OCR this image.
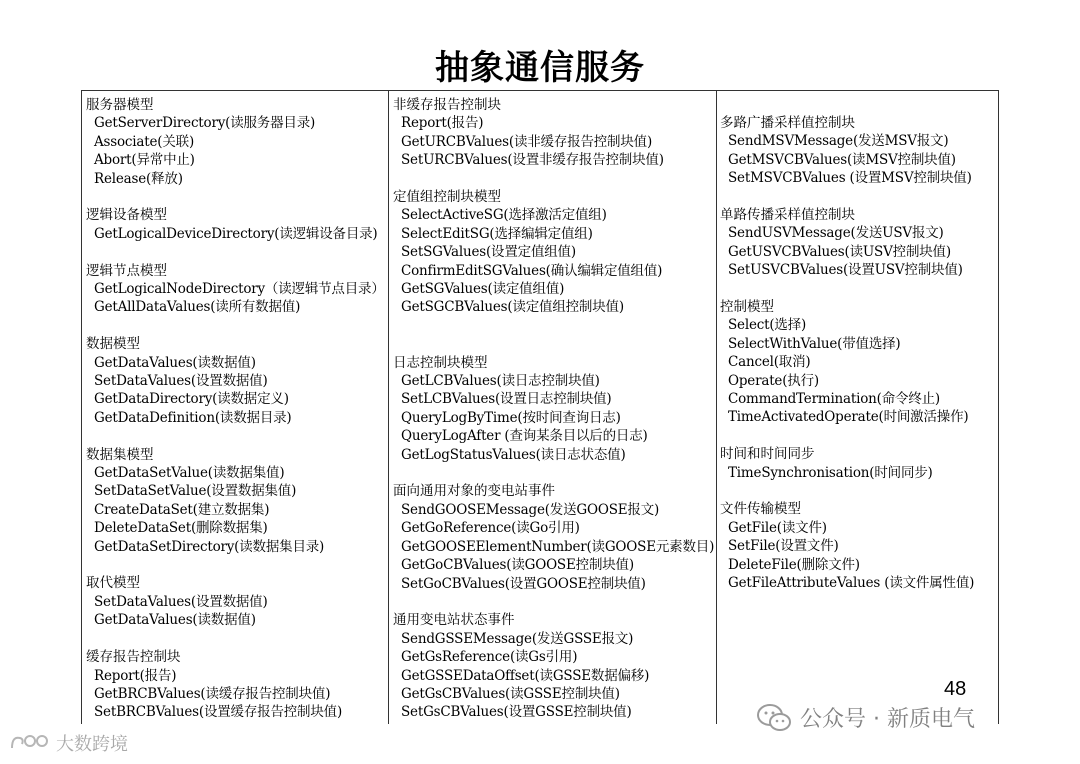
抽象通信服务
服务器模型
GetServerDirectory(读服务器目录)
Associate(关联)
Abort(异常中止)
Release(释放)
逻辑设备模型
GetLogicalDeviceDirectory(读逻辑设备目录)
逻辑节点模型
GetLogicalNodeDirectory（读逻辑节点目录）
GetAllDataValues(读所有数据值)
数据模型
GetDataValues(读数据值)
SetDataValues(设置数据值)
GetDataDirectory(读数据定义)
GetDataDefinition(读数据目录)
数据集模型
GetDataSetValue(读数据集值)
SetDataSetValue(设置数据集值)
CreateDataSet(建立数据集)
DeleteDataSet(删除数据集)
GetDataSetDirectory(读数据集目录)
取代模型
SetDataValues(设置数据值)
GetDataValues(读数据值)
缓存报告控制块
Report(报告)
GetBRCBValues(读缓存报告控制块值)
SetBRCBValues(设置缓存报告控制块值)
非缓存报告控制块
Report(报告)
GetURCBValues(读非缓存报告控制块值)
SetURCBValues(设置非缓存报告控制块值)
定值组控制块模型
SelectActiveSG(选择激活定值组)
SelectEditSG(选择编辑定值组)
SetSGValues(设置定值组值)
ConfirmEditSGValues(确认编辑定值组值)
GetSGValues(读定值组值)
GetSGCBValues(读定值组控制块值)
日志控制块模型
GetLCBValues(读日志控制块值)
SetLCBValues(设置日志控制块值)
QueryLogByTime(按时间查询日志)
QueryLogAfter (查询某条目以后的日志)
GetLogStatusValues(读日志状态值)
面向通用对象的变电站事件
SendGOOSEMessage(发送GOOSE报文)
GetGoReference(读Go引用)
GetGOOSEElementNumber(读GOOSE元素数目)
GetGoCBValues(读GOOSE控制块值)
SetGoCBValues(设置GOOSE控制块值)
通用变电站状态事件
SendGSSEMessage(发送GSSE报文)
GetGsReference(读Gs引用)
GetGSSEDataOffset(读GSSE数据偏移)
GetGsCBValues(读GSSE控制块值)
SetGsCBValues(设置GSSE控制块值)
多路广播采样值控制块
SendMSVMessage(发送MSV报文)
GetMSVCBValues(读MSV控制块值)
SetMSVCBValues (设置MSV控制块值)
单路传播采样值控制块
SendUSVMessage(发送USV报文)
GetUSVCBValues(读USV控制块值)
SetUSVCBValues(设置USV控制块值)
控制模型
Select(选择)
SelectWithValue(带值选择)
Cancel(取消)
Operate(执行)
CommandTermination(命令终止)
TimeActivatedOperate(时间激活操作)
时间和时间同步
TimeSynchronisation(时间同步)
文件传输模型
GetFile(读文件)
SetFile(设置文件)
DeleteFile(删除文件)
GetFileAttributeValues (读文件属性值)
48
公众号 · 新质电气
大数跨境
